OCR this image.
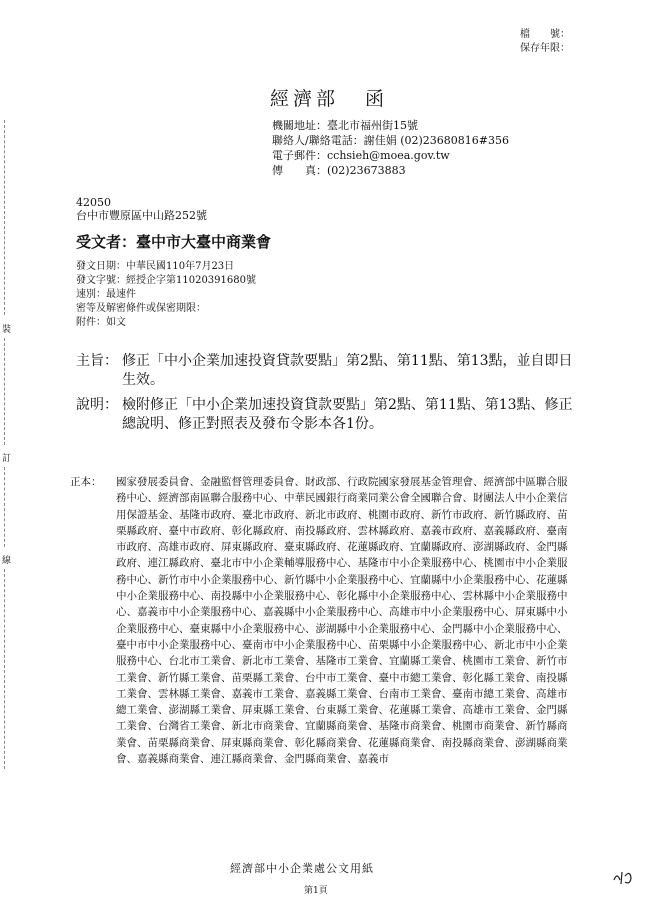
檔　　號：
保存年限：
經濟部 函
機關地址：臺北市福州街15號
聯絡人/聯絡電話：謝佳娟 (02)23680816#356
電子郵件：cchsieh@moea.gov.tw
傳　　真：(02)23673883
42050
台中市豐原區中山路252號
受文者：臺中市大臺中商業會
發文日期：中華民國110年7月23日
發文字號：經授企字第11020391680號
速別：最速件
密等及解密條件或保密期限：
附件：如文
主旨： 修正「中小企業加速投資貸款要點」第2點、第11點、第13點，並自即日生效。
說明： 檢附修正「中小企業加速投資貸款要點」第2點、第11點、第13點、修正總說明、修正對照表及發布令影本各1份。
正本： 國家發展委員會、金融監督管理委員會、財政部、行政院國家發展基金管理會、經濟部中區聯合服務中心、經濟部南區聯合服務中心、中華民國銀行商業同業公會全國聯合會、財團法人中小企業信用保證基金、基隆市政府、臺北市政府、新北市政府、桃園市政府、新竹市政府、新竹縣政府、苗栗縣政府、臺中市政府、彰化縣政府、南投縣政府、雲林縣政府、嘉義市政府、嘉義縣政府、臺南市政府、高雄市政府、屏東縣政府、臺東縣政府、花蓮縣政府、宜蘭縣政府、澎湖縣政府、金門縣政府、連江縣政府、臺北市中小企業輔導服務中心、基隆市中小企業服務中心、桃園市中小企業服務中心、新竹市中小企業服務中心、新竹縣中小企業服務中心、宜蘭縣中小企業服務中心、花蓮縣中小企業服務中心、南投縣中小企業服務中心、彰化縣中小企業服務中心、雲林縣中小企業服務中心、嘉義市中小企業服務中心、嘉義縣中小企業服務中心、高雄市中小企業服務中心、屏東縣中小企業服務中心、臺東縣中小企業服務中心、澎湖縣中小企業服務中心、金門縣中小企業服務中心、臺中市中小企業服務中心、臺南市中小企業服務中心、苗栗縣中小企業服務中心、新北市中小企業服務中心、台北市工業會、新北市工業會、基隆市工業會、宜蘭縣工業會、桃園市工業會、新竹市工業會、新竹縣工業會、苗栗縣工業會、台中市工業會、臺中市總工業會、彰化縣工業會、南投縣工業會、雲林縣工業會、嘉義市工業會、嘉義縣工業會、台南市工業會、臺南市總工業會、高雄市總工業會、澎湖縣工業會、屏東縣工業會、台東縣工業會、花蓮縣工業會、高雄市工業會、金門縣工業會、台灣省工業會、新北市商業會、宜蘭縣商業會、基隆市商業會、桃園市商業會、新竹縣商業會、苗栗縣商業會、屏東縣商業會、彰化縣商業會、花蓮縣商業會、南投縣商業會、澎湖縣商業會、嘉義縣商業會、連江縣商業會、金門縣商業會、嘉義市
經濟部中小企業處公文用紙
第1頁
裝
訂
線
